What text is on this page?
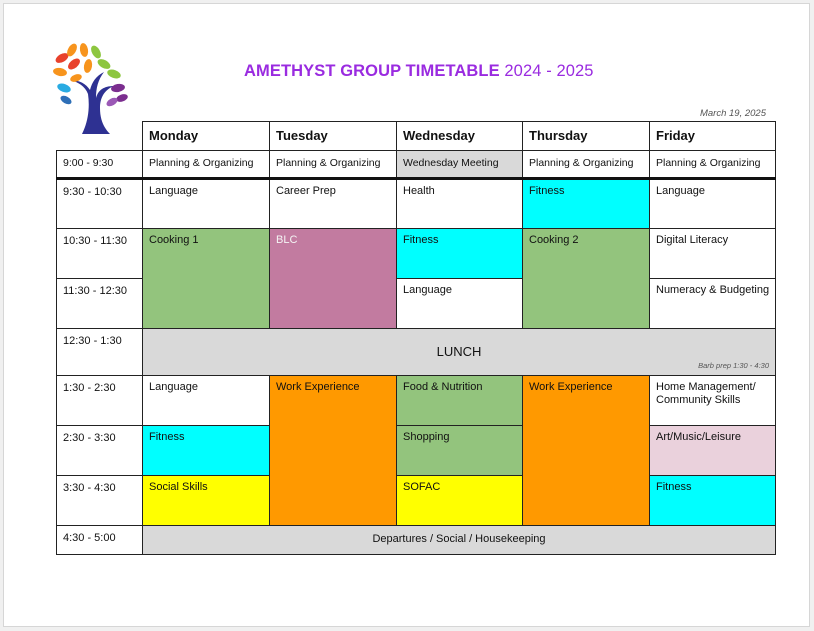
AMETHYST GROUP TIMETABLE 2024 - 2025
March 19, 2025
	Monday	Tuesday	Wednesday	Thursday	Friday
9:00 - 9:30	Planning & Organizing	Planning & Organizing	Wednesday Meeting	Planning & Organizing	Planning & Organizing
9:30 - 10:30	Language	Career Prep	Health	Fitness	Language
10:30 - 11:30	Cooking 1	BLC	Fitness	Cooking 2	Digital Literacy
11:30 - 12:30			Language		Numeracy & Budgeting
12:30 - 1:30	LUNCH
Barb prep 1:30 - 4:30				

1:30 - 2:30	Language	Work Experience	Food & Nutrition	Work Experience	Home Management/ Community Skills
2:30 - 3:30	Fitness		Shopping		Art/Music/Leisure
3:30 - 4:30	Social Skills		SOFAC		Fitness
4:30 - 5:00	Departures / Social / Housekeeping				
